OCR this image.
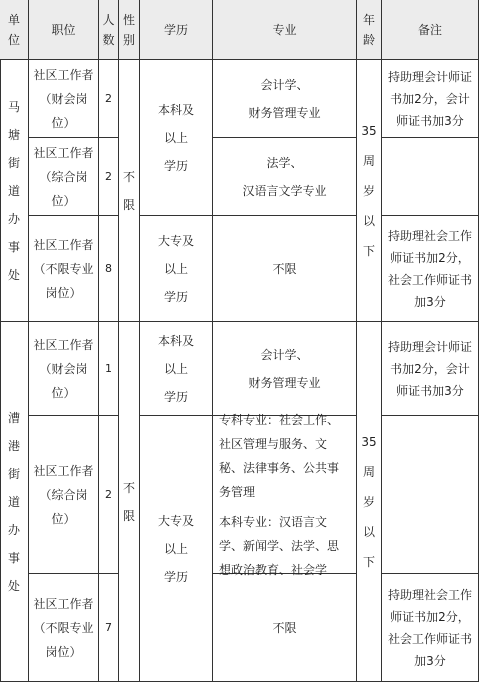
单位
职位
人数
性别
学历	专业
年龄
备注
马
塘
街
道
办
事
处
社区工作者
（财会岗
位）
2
社区工作者
（综合岗
位）
2
社区工作者
（不限专业
岗位）
8
不限
本科及
以上
学历
大专及
以上
学历
会计学、
财务管理专业
法学、
汉语言文学专业
不限
35
周
岁
以
下
持助理会计师证
书加2分，会计
师证书加3分
持助理社会工作
师证书加2分，
社会工作师证书
加3分
漕
港
街
道
办
事
处
社区工作者
（财会岗
位）
1
社区工作者
（综合岗
位）
2
社区工作者
（不限专业
岗位）
7
不限
本科及
以上
学历
大专及
以上
学历
会计学、
财务管理专业

专科专业：社会工作、社区管理与服务、文秘、法律事务、公共事务管理

本科专业：汉语言文学、新闻学、法学、思想政治教育、社会学

不限
35
周
岁
以
下
持助理会计师证
书加2分，会计
师证书加3分
持助理社会工作
师证书加2分，
社会工作师证书
加3分
